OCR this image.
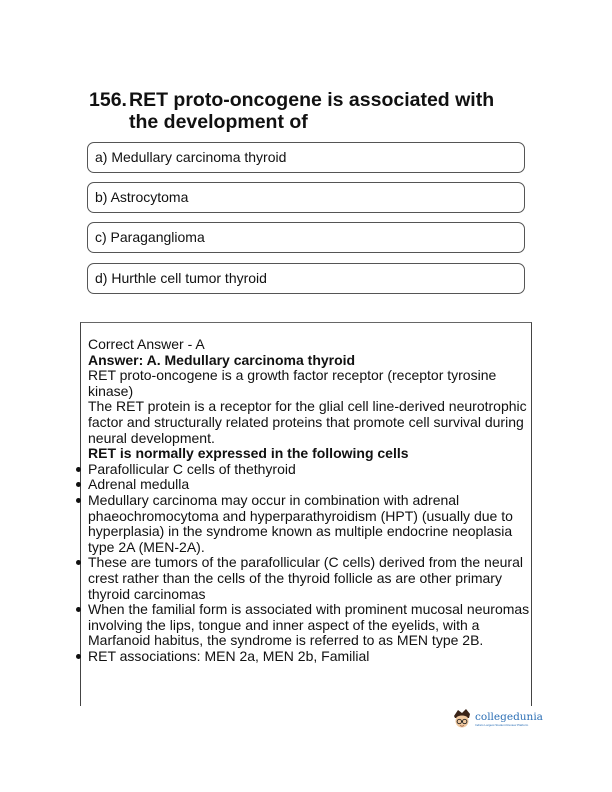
156. RET proto-oncogene is associated with
the development of
a) Medullary carcinoma thyroid
b) Astrocytoma
c) Paraganglioma
d) Hurthle cell tumor thyroid

Correct Answer - A

Answer: A. Medullary carcinoma thyroid

RET proto-oncogene is a growth factor receptor (receptor tyrosine kinase)

The RET protein is a receptor for the glial cell line-derived neurotrophic factor and structurally related proteins that promote cell survival during neural development.

RET is normally expressed in the following cells

Parafollicular C cells of thethyroid
Adrenal medulla
Medullary carcinoma may occur in combination with adrenal phaeochromocytoma and hyperparathyroidism (HPT) (usually due to hyperplasia) in the syndrome known as multiple endocrine neoplasia type 2A (MEN-2A).
These are tumors of the parafollicular (C cells) derived from the neural crest rather than the cells of the thyroid follicle as are other primary thyroid carcinomas
When the familial form is associated with prominent mucosal neuromas involving the lips, tongue and inner aspect of the eyelids, with a Marfanoid habitus, the syndrome is referred to as MEN type 2B.
RET associations: MEN 2a, MEN 2b, Familial
collegedunia
India's Largest Student Review Platform
